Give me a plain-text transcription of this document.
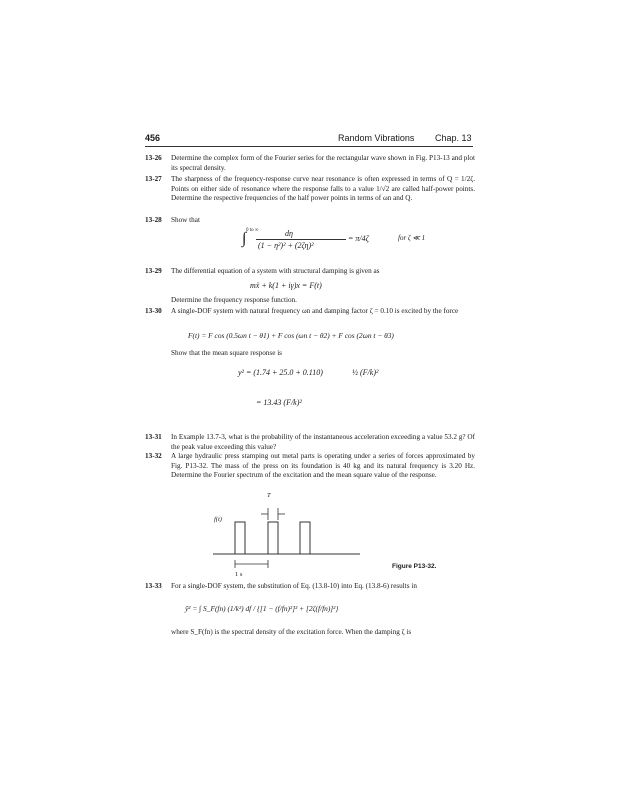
456	Random Vibrations Chap. 13
13-26	Determine the complex form of the Fourier series for the rectangular wave shown in Fig. P13-13 and plot its spectral density.
13-27	The sharpness of the frequency-response curve near resonance is often expressed in terms of Q = 1/2ζ. Points on either side of resonance where the response falls to a value 1/√2 are called half-power points. Determine the respective frequencies of the half power points in terms of ωn and Q.
13-28	Show that
∫ 0 to ∞	dη
(1 − η²)² + (2ζη)²
= π/4ζ	for ζ ≪ 1
13-29	The differential equation of a system with structural damping is given as
mẍ + k(1 + iγ)x = F(t)
Determine the frequency response function.
13-30	A single-DOF system with natural frequency ωn and damping factor ζ = 0.10 is excited by the force
F(t) = F cos (0.5ωn t − θ1) + F cos (ωn t − θ2) + F cos (2ωn t − θ3)
Show that the mean square response is
y² = (1.74 + 25.0 + 0.110)	½ (F/k)²
= 13.43 (F/k)²
13-31	In Example 13.7-3, what is the probability of the instantaneous acceleration exceeding a value 53.2 g? Of the peak value exceeding this value?
13-32	A large hydraulic press stamping out metal parts is operating under a series of forces approximated by Fig. P13-32. The mass of the press on its foundation is 40 kg and its natural frequency is 3.20 Hz. Determine the Fourier spectrum of the excitation and the mean square value of the response.
T
f(t)
1 s
Figure P13-32.
13-33	For a single-DOF system, the substitution of Eq. (13.8-10) into Eq. (13.8-6) results in
ȳ² = ∫ S_F(fn) (1/k²) df / {[1 − (f/fn)²]² + [2ζ(f/fn)]²}
where S_F(fn) is the spectral density of the excitation force. When the damping ζ is
